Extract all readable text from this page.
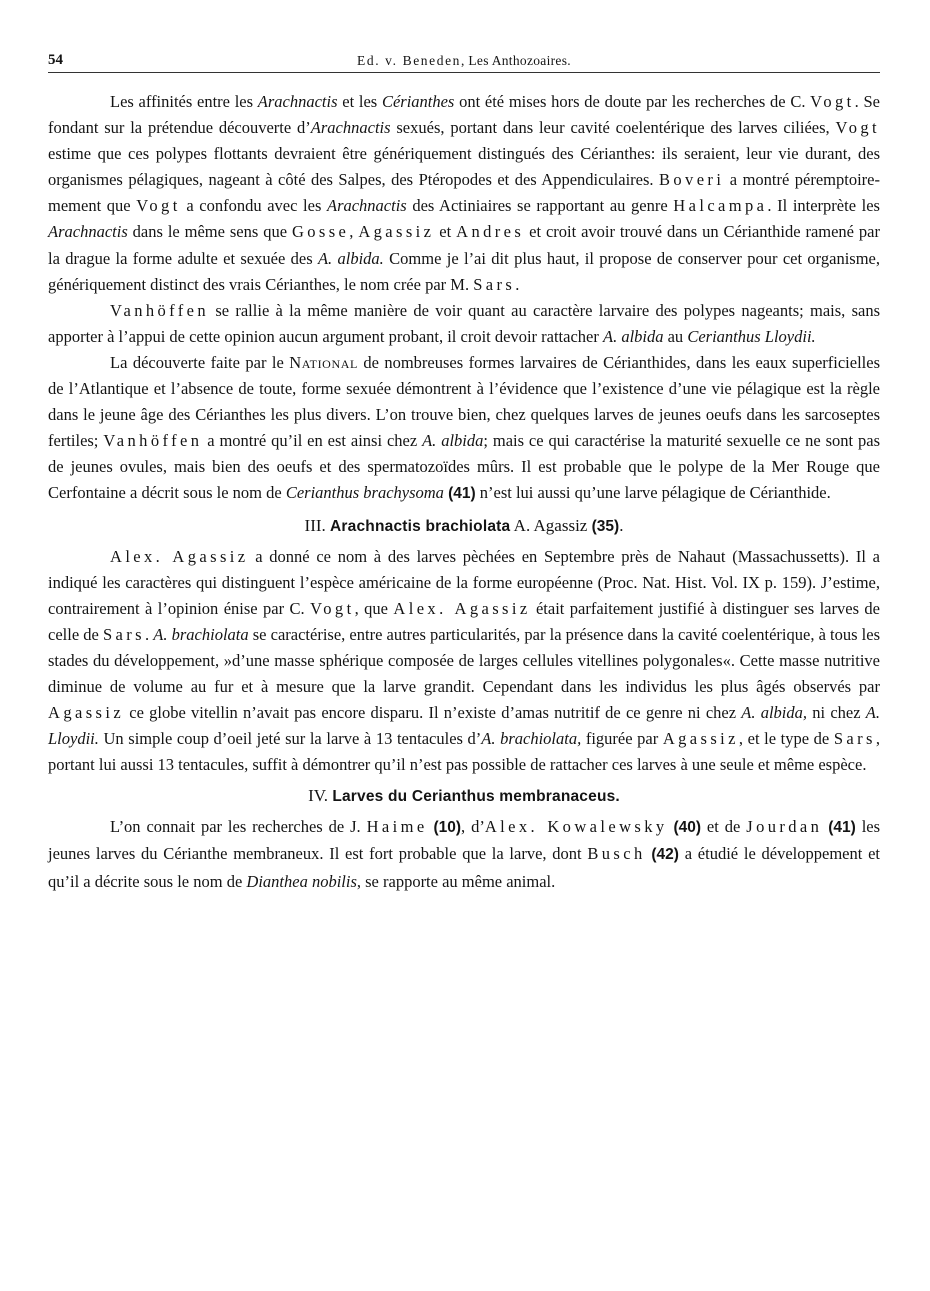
54	Ed. v. Beneden, Les Anthozoaires.

Les affinités entre les Arachnactis et les Cérianthes ont été mises hors de doute par les recherches de C. Vogt. Se fondant sur la prétendue découverte d’Arachnactis sexués, portant dans leur cavité coelentérique des larves ciliées, Vogt estime que ces polypes flottants devraient être génériquement distingués des Cérianthes: ils seraient, leur vie durant, des organismes pélagiques, nageant à côté des Salpes, des Ptéropodes et des Appendiculaires. Boveri a montré péremptoiremement que Vogt a confondu avec les Arachnactis des Actiniaires se rapportant au genre Halcampa. Il interprète les Arachnactis dans le même sens que Gosse, Agassiz et Andres et croit avoir trouvé dans un Cérianthide ramené par la drague la forme adulte et sexuée des A. albida. Comme je l’ai dit plus haut, il propose de conserver pour cet organisme, génériquement distinct des vrais Cérianthes, le nom crée par M. Sars.

Vanhöffen se rallie à la même manière de voir quant au caractère larvaire des polypes nageants; mais, sans apporter à l’appui de cette opinion aucun argument probant, il croit devoir rattacher A. albida au Cerianthus Lloydii.

La découverte faite par le National de nombreuses formes larvaires de Cérianthides, dans les eaux superficielles de l’Atlantique et l’absence de toute, forme sexuée démontrent à l’évidence que l’existence d’une vie pélagique est la règle dans le jeune âge des Cérianthes les plus divers. L’on trouve bien, chez quelques larves de jeunes oeufs dans les sarcoseptes fertiles; Vanhöffen a montré qu’il en est ainsi chez A. albida; mais ce qui caractérise la maturité sexuelle ce ne sont pas de jeunes ovules, mais bien des oeufs et des spermatozoïdes mûrs. Il est probable que le polype de la Mer Rouge que Cerfontaine a décrit sous le nom de Cerianthus brachysoma (41) n’est lui aussi qu’une larve pélagique de Cérianthide.

III. Arachnactis brachiolata A. Agassiz (35).

Alex. Agassiz a donné ce nom à des larves pèchées en Septembre près de Nahaut (Massachussetts). Il a indiqué les caractères qui distinguent l’espèce américaine de la forme européenne (Proc. Nat. Hist. Vol. IX p. 159). J’estime, contrairement à l’opinion énise par C. Vogt, que Alex. Agassiz était parfaitement justifié à distinguer ses larves de celle de Sars. A. brachiolata se caractérise, entre autres particularités, par la présence dans la cavité coelentérique, à tous les stades du développement, »d’une masse sphérique composée de larges cellules vitellines polygonales«. Cette masse nutritive diminue de volume au fur et à mesure que la larve grandit. Cependant dans les individus les plus âgés observés par Agassiz ce globe vitellin n’avait pas encore disparu. Il n’existe d’amas nutritif de ce genre ni chez A. albida, ni chez A. Lloydii. Un simple coup d’oeil jeté sur la larve à 13 tentacules d’A. brachiolata, figurée par Agassiz, et le type de Sars, portant lui aussi 13 tentacules, suffit à démontrer qu’il n’est pas possible de rattacher ces larves à une seule et même espèce.

IV. Larves du Cerianthus membranaceus.

L’on connait par les recherches de J. Haime (10), d’Alex. Kowalewsky (40) et de Jourdan (41) les jeunes larves du Cérianthe membraneux. Il est fort probable que la larve, dont Busch (42) a étudié le développement et qu’il a décrite sous le nom de Dianthea nobilis, se rapporte au même animal.
